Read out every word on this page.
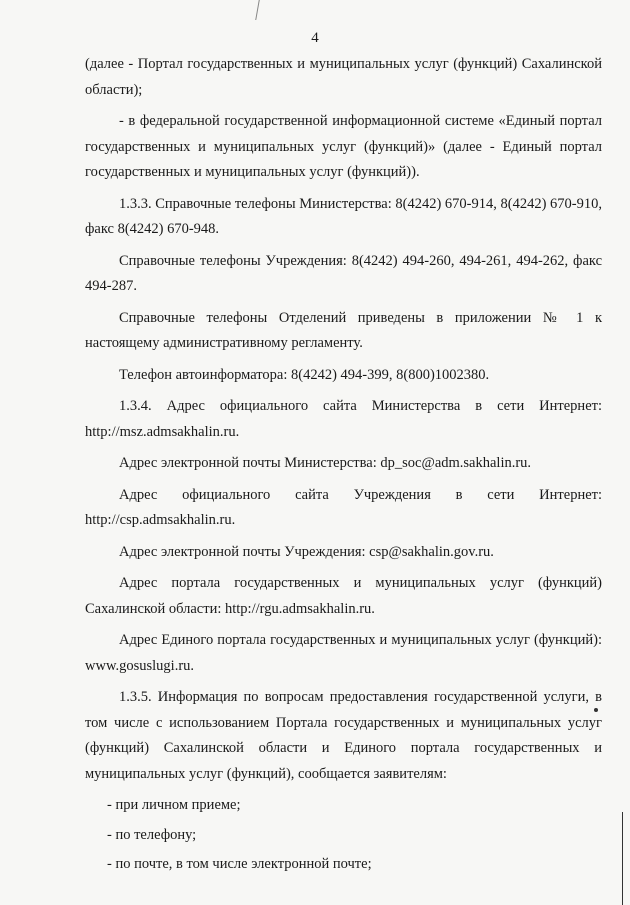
4

(далее - Портал государственных и муниципальных услуг (функций) Сахалинской области);

- в федеральной государственной информационной системе «Единый портал государственных и муниципальных услуг (функций)» (далее - Единый портал государственных и муниципальных услуг (функций)).

1.3.3. Справочные телефоны Министерства: 8(4242) 670-914, 8(4242) 670-910, факс 8(4242) 670-948.

Справочные телефоны Учреждения: 8(4242) 494-260, 494-261, 494-262, факс 494-287.

Справочные телефоны Отделений приведены в приложении № 1 к настоящему административному регламенту.

Телефон автоинформатора: 8(4242) 494-399, 8(800)1002380.

1.3.4. Адрес официального сайта Министерства в сети Интернет: http://msz.admsakhalin.ru.

Адрес электронной почты Министерства: dp_soc@adm.sakhalin.ru.

Адрес официального сайта Учреждения в сети Интернет: http://csp.admsakhalin.ru.

Адрес электронной почты Учреждения: csp@sakhalin.gov.ru.

Адрес портала государственных и муниципальных услуг (функций) Сахалинской области: http://rgu.admsakhalin.ru.

Адрес Единого портала государственных и муниципальных услуг (функций): www.gosuslugi.ru.

1.3.5. Информация по вопросам предоставления государственной услуги, в том числе с использованием Портала государственных и муниципальных услуг (функций) Сахалинской области и Единого портала государственных и муниципальных услуг (функций), сообщается заявителям:

- при личном приеме;

- по телефону;

- по почте, в том числе электронной почте;
